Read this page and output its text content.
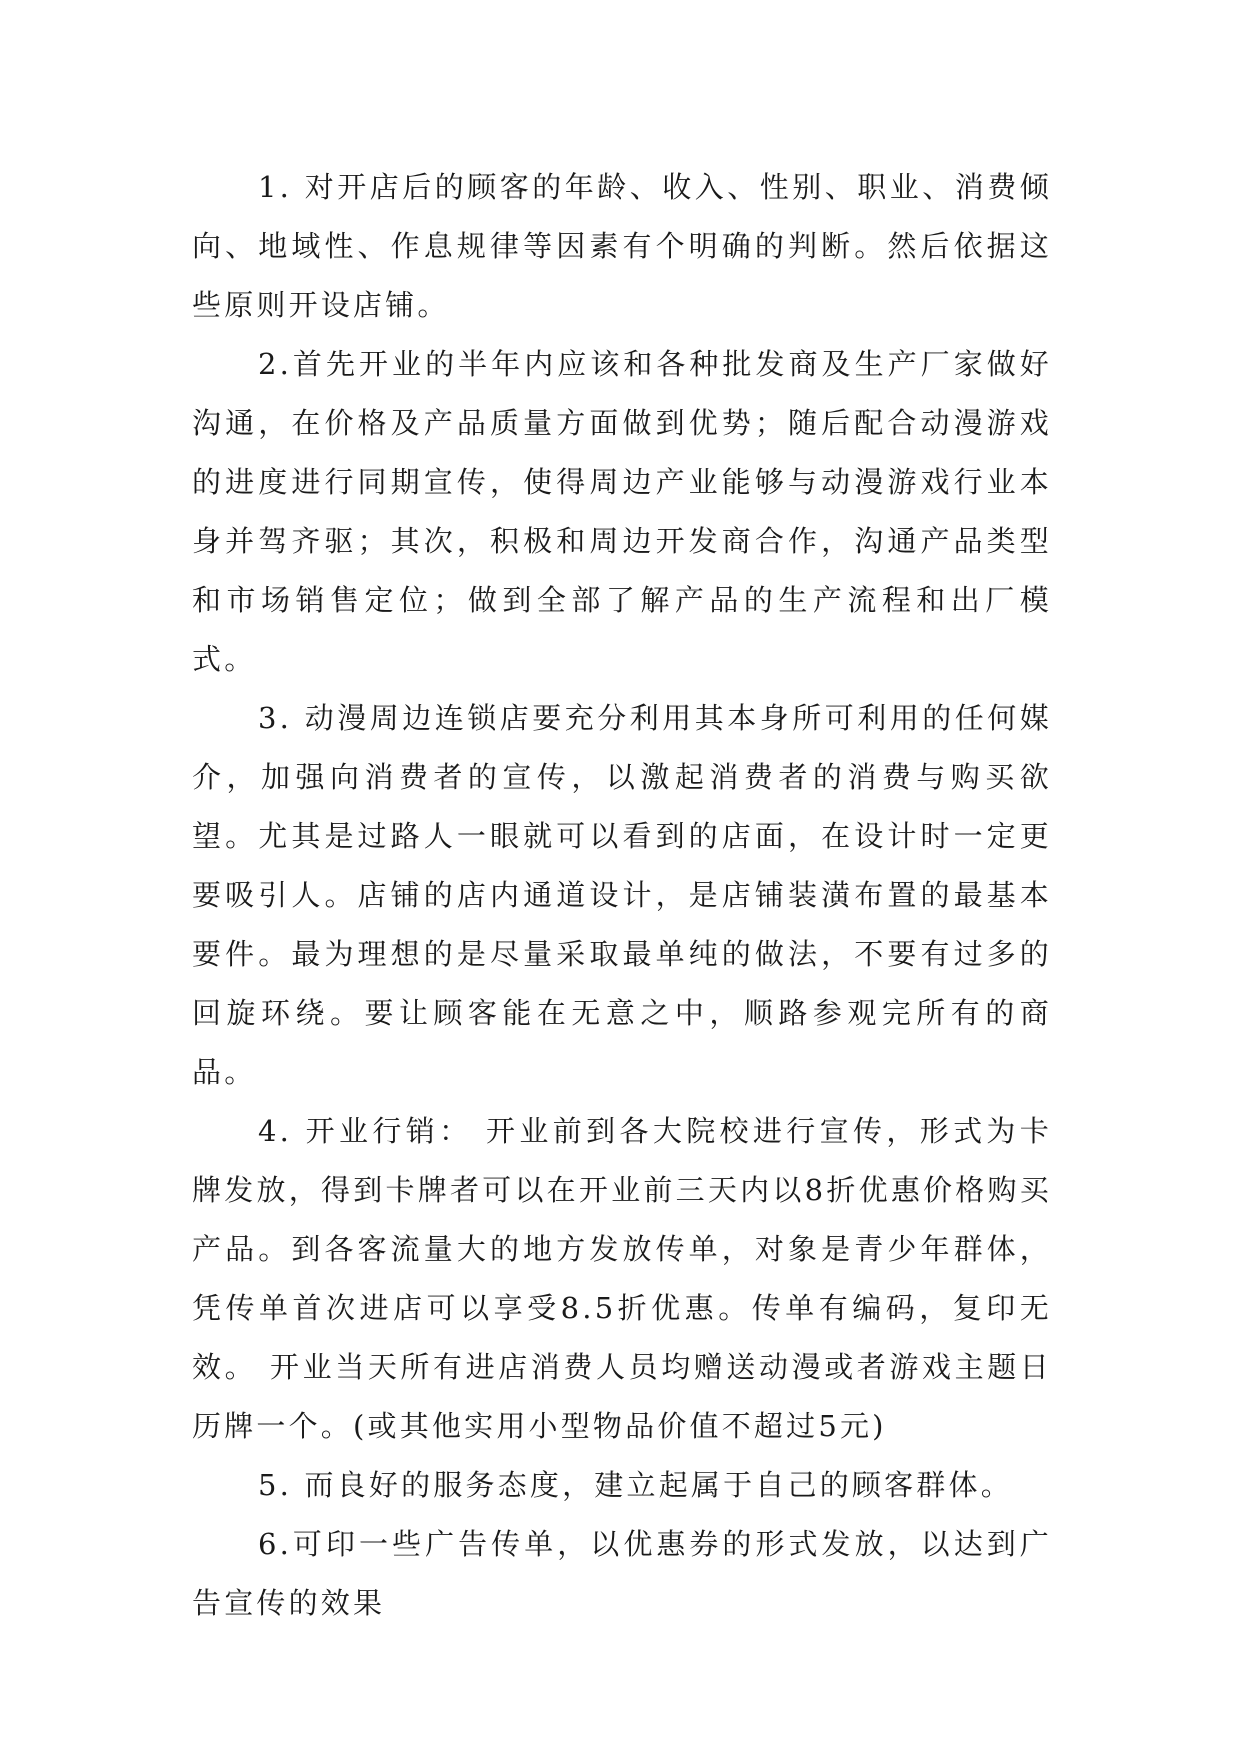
1. 对开店后的顾客的年龄、收入、性别、职业、消费倾向、地域性、作息规律等因素有个明确的判断。然后依据这些原则开设店铺。

2.首先开业的半年内应该和各种批发商及生产厂家做好沟通，在价格及产品质量方面做到优势；随后配合动漫游戏的进度进行同期宣传，使得周边产业能够与动漫游戏行业本身并驾齐驱；其次，积极和周边开发商合作，沟通产品类型和市场销售定位；做到全部了解产品的生产流程和出厂模式。

3. 动漫周边连锁店要充分利用其本身所可利用的任何媒介，加强向消费者的宣传，以激起消费者的消费与购买欲望。尤其是过路人一眼就可以看到的店面，在设计时一定更要吸引人。店铺的店内通道设计，是店铺装潢布置的最基本要件。最为理想的是尽量采取最单纯的做法，不要有过多的回旋环绕。要让顾客能在无意之中，顺路参观完所有的商品。

4. 开业行销： 开业前到各大院校进行宣传，形式为卡牌发放，得到卡牌者可以在开业前三天内以8折优惠价格购买产品。到各客流量大的地方发放传单，对象是青少年群体，凭传单首次进店可以享受8.5折优惠。传单有编码，复印无效。 开业当天所有进店消费人员均赠送动漫或者游戏主题日历牌一个。(或其他实用小型物品价值不超过5元)

5. 而良好的服务态度，建立起属于自己的顾客群体。

6.可印一些广告传单，以优惠券的形式发放，以达到广告宣传的效果
